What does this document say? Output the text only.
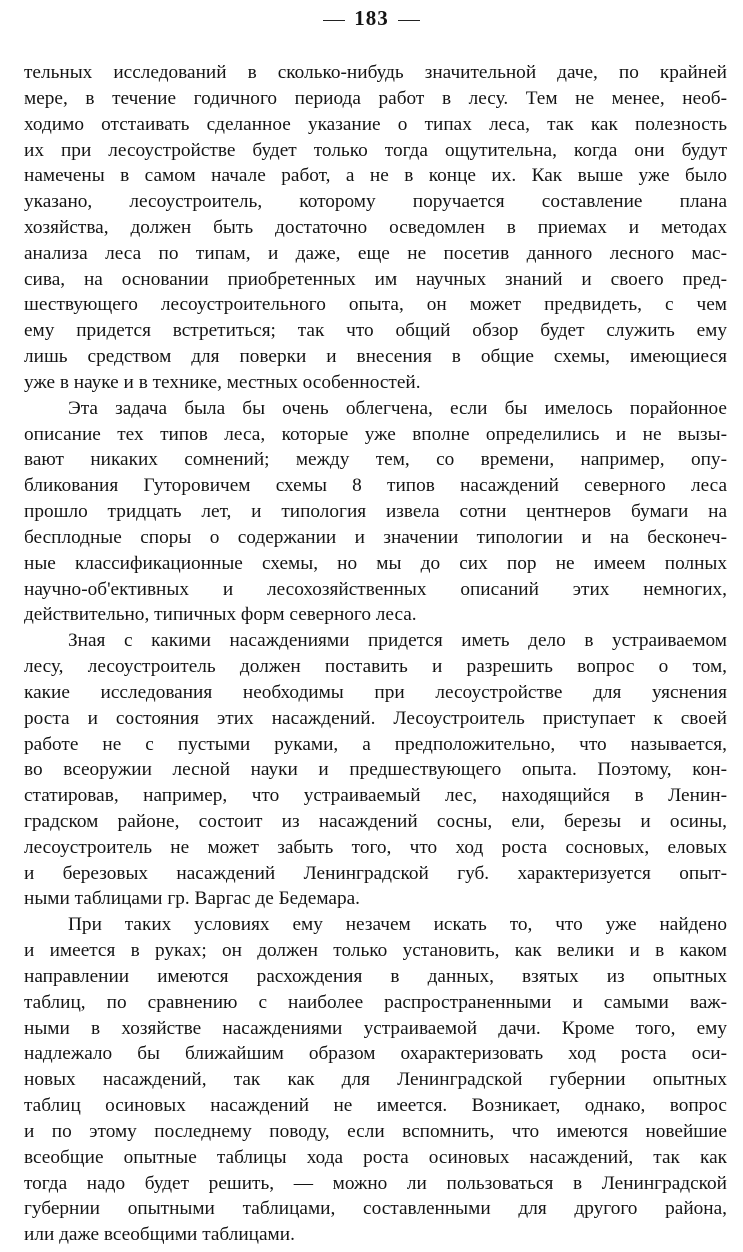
183
тельных исследований в сколько-нибудь значительной даче, по крайней
мере, в течение годичного периода работ в лесу. Тем не менее, необ-
ходимо отстаивать сделанное указание о типах леса, так как полезность
их при лесоустройстве будет только тогда ощутительна, когда они будут
намечены в самом начале работ, а не в конце их. Как выше уже было
указано, лесоустроитель, которому поручается составление плана
хозяйства, должен быть достаточно осведомлен в приемах и методах
анализа леса по типам, и даже, еще не посетив данного лесного мас-
сива, на основании приобретенных им научных знаний и своего пред-
шествующего лесоустроительного опыта, он может предвидеть, с чем
ему придется встретиться; так что общий обзор будет служить ему
лишь средством для поверки и внесения в общие схемы, имеющиеся
уже в науке и в технике, местных особенностей.
Эта задача была бы очень облегчена, если бы имелось порайонное
описание тех типов леса, которые уже вполне определились и не вызы-
вают никаких сомнений; между тем, со времени, например, опу-
бликования Гуторовичем схемы 8 типов насаждений северного леса
прошло тридцать лет, и типология извела сотни центнеров бумаги на
бесплодные споры о содержании и значении типологии и на бесконеч-
ные классификационные схемы, но мы до сих пор не имеем полных
научно-об'ективных и лесохозяйственных описаний этих немногих,
действительно, типичных форм северного леса.
Зная с какими насаждениями придется иметь дело в устраиваемом
лесу, лесоустроитель должен поставить и разрешить вопрос о том,
какие исследования необходимы при лесоустройстве для уяснения
роста и состояния этих насаждений. Лесоустроитель приступает к своей
работе не с пустыми руками, а предположительно, что называется,
во всеоружии лесной науки и предшествующего опыта. Поэтому, кон-
статировав, например, что устраиваемый лес, находящийся в Ленин-
градском районе, состоит из насаждений сосны, ели, березы и осины,
лесоустроитель не может забыть того, что ход роста сосновых, еловых
и березовых насаждений Ленинградской губ. характеризуется опыт-
ными таблицами гр. Варгас де Бедемара.
При таких условиях ему незачем искать то, что уже найдено
и имеется в руках; он должен только установить, как велики и в каком
направлении имеются расхождения в данных, взятых из опытных
таблиц, по сравнению с наиболее распространенными и самыми важ-
ными в хозяйстве насаждениями устраиваемой дачи. Кроме того, ему
надлежало бы ближайшим образом охарактеризовать ход роста оси-
новых насаждений, так как для Ленинградской губернии опытных
таблиц осиновых насаждений не имеется. Возникает, однако, вопрос
и по этому последнему поводу, если вспомнить, что имеются новейшие
всеобщие опытные таблицы хода роста осиновых насаждений, так как
тогда надо будет решить, — можно ли пользоваться в Ленинградской
губернии опытными таблицами, составленными для другого района,
или даже всеобщими таблицами.
